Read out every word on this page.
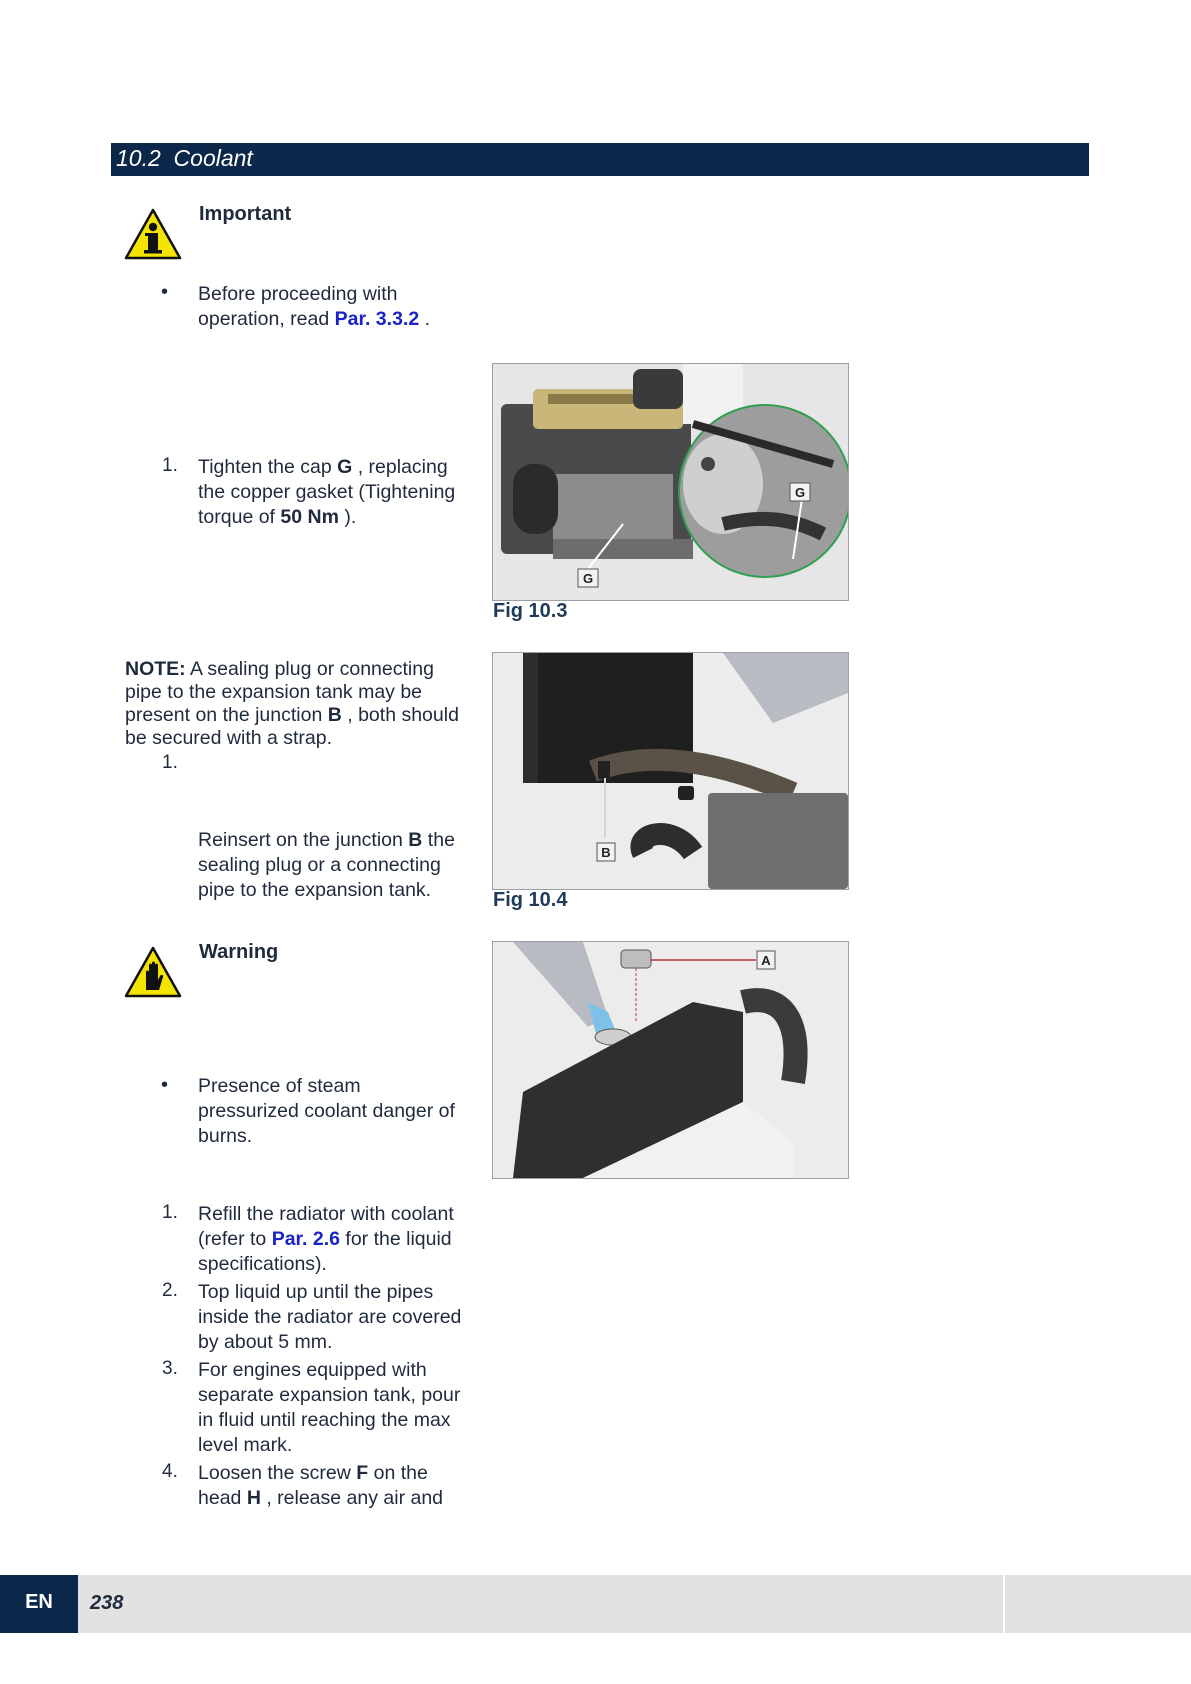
10.2  Coolant
Important
• Before proceeding with
operation, read Par. 3.3.2 .
1. Tighten the cap G , replacing
the copper gasket (Tightening
torque of 50 Nm ).
G
G
Fig 10.3
NOTE: A sealing plug or connecting
pipe to the expansion tank may be
present on the junction B , both should
be secured with a strap.
1.
Reinsert on the junction B the
sealing plug or a connecting
pipe to the expansion tank.
B
Fig 10.4
Warning
• Presence of steam
pressurized coolant danger of
burns.
A
1. Refill the radiator with coolant
(refer to Par. 2.6 for the liquid
specifications).
2. Top liquid up until the pipes
inside the radiator are covered
by about 5 mm.
3. For engines equipped with
separate expansion tank, pour
in fluid until reaching the max
level mark.
4. Loosen the screw F on the
head H , release any air and
EN	238
